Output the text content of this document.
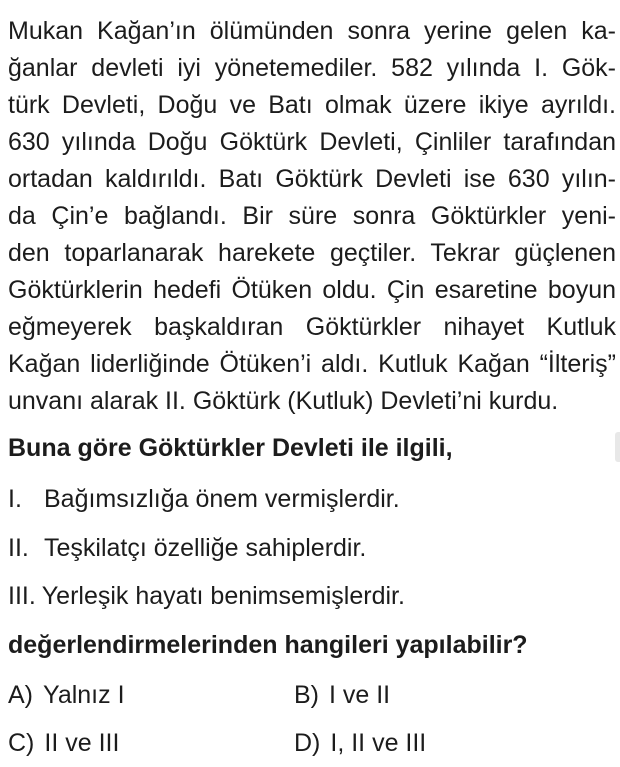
Mukan Kağan’ın ölümünden sonra yerine gelen ka-
ğanlar devleti iyi yönetemediler. 582 yılında I. Gök-
türk Devleti, Doğu ve Batı olmak üzere ikiye ayrıldı.
630 yılında Doğu Göktürk Devleti, Çinliler tarafından
ortadan kaldırıldı. Batı Göktürk Devleti ise 630 yılın-
da Çin’e bağlandı. Bir süre sonra Göktürkler yeni-
den toparlanarak harekete geçtiler. Tekrar güçlenen
Göktürklerin hedefi Ötüken oldu. Çin esaretine boyun
eğmeyerek başkaldıran Göktürkler nihayet Kutluk
Kağan liderliğinde Ötüken’i aldı. Kutluk Kağan “İlteriş”
unvanı alarak II. Göktürk (Kutluk) Devleti’ni kurdu.
Buna göre Göktürkler Devleti ile ilgili,
I. Bağımsızlığa önem vermişlerdir.
II. Teşkilatçı özelliğe sahiplerdir.
III. Yerleşik hayatı benimsemişlerdir.
değerlendirmelerinden hangileri yapılabilir?
A) Yalnız I	B) I ve II
C) II ve III	D) I, II ve III
